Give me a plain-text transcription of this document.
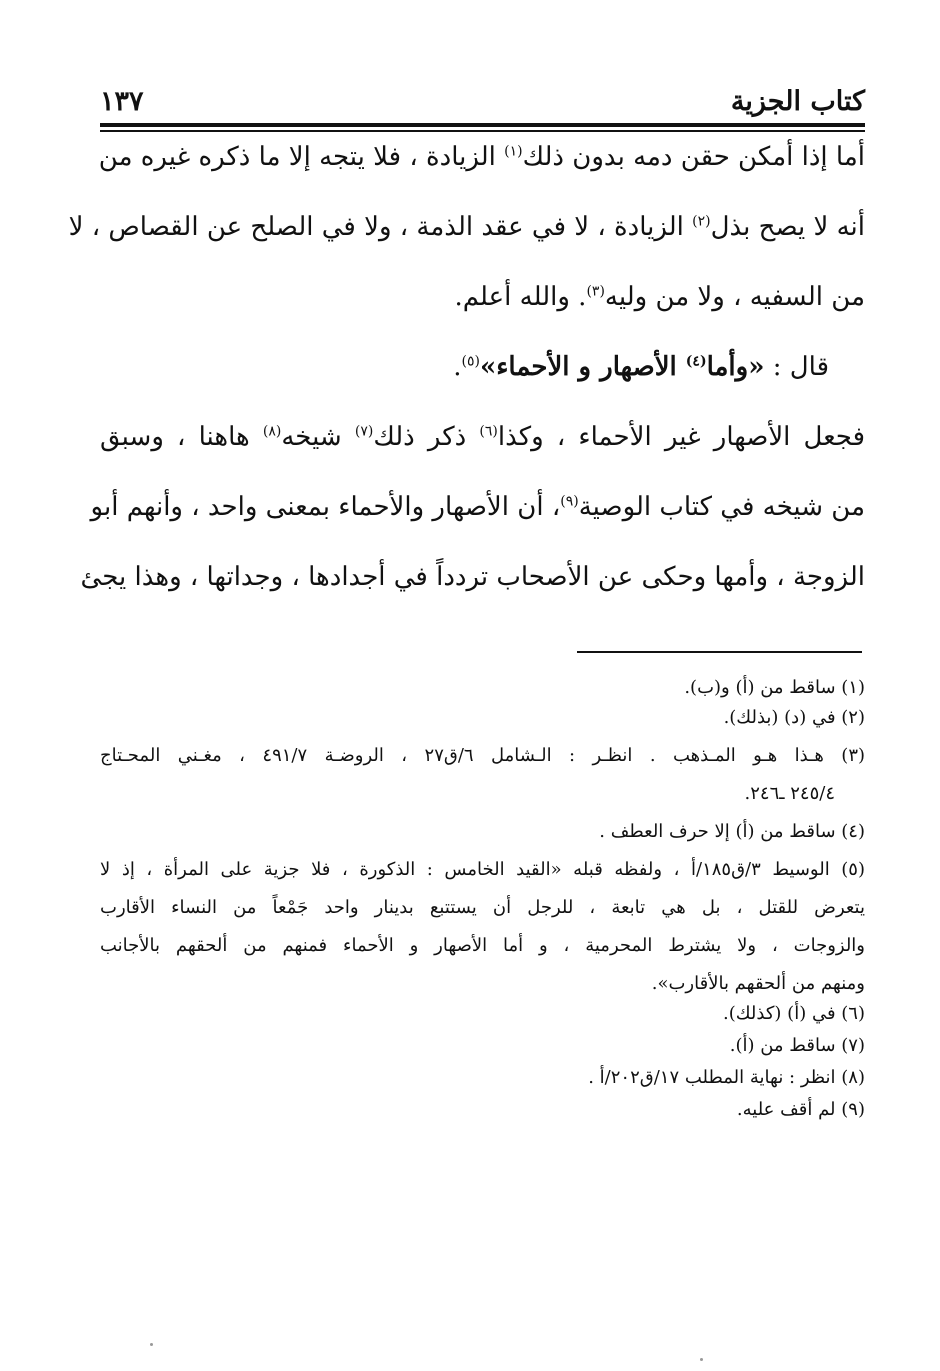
كتاب الجزية
١٣٧
أما إذا أمكن حقن دمه بدون ذلك$^{(١)}$ الزيادة ، فلا يتجه إلا ما ذكره غيره من
أنه لا يصح بذل$^{(٢)}$ الزيادة ، لا في عقد الذمة ، ولا في الصلح عن القصاص ، لا
من السفيه ، ولا من وليه$^{(٣)}$. والله أعلم.
قال : «وأما$^{(٤)}$ الأصهار و الأحماء»$^{(٥)}$.
فجعل الأصهار غير الأحماء ، وكذا$^{(٦)}$ ذكر ذلك$^{(٧)}$ شيخه$^{(٨)}$ هاهنا ، وسبق
من شيخه في كتاب الوصية$^{(٩)}$، أن الأصهار والأحماء بمعنى واحد ، وأنهم أبو
الزوجة ، وأمها وحكى عن الأصحاب تردداً في أجدادها ، وجداتها ، وهذا يجئ
(١) ساقط من (أ) و(ب).
(٢) في (د) (بذلك).
(٣) هـذا هـو المـذهب . انظـر : الـشامل ٦/ق٢٧ ، الروضـة ٤٩١/٧ ، مغـني المحـتاج
٢٤٥/٤ ـ٢٤٦.
(٤) ساقط من (أ) إلا حرف العطف .
(٥) الوسيط ٣/ق١٨٥/أ ، ولفظه قبله «القيد الخامس : الذكورة ، فلا جزية على المرأة ، إذ لا
يتعرض للقتل ، بل هي تابعة ، للرجل أن يستتبع بدينار واحد جَمْعاً من النساء الأقارب
والزوجات ، ولا يشترط المحرمية ، و أما الأصهار و الأحماء فمنهم من ألحقهم بالأجانب
ومنهم من ألحقهم بالأقارب».
(٦) في (أ) (كذلك).
(٧) ساقط من (أ).
(٨) انظر : نهاية المطلب ١٧/ق٢٠٢/أ .
(٩) لم أقف عليه.
